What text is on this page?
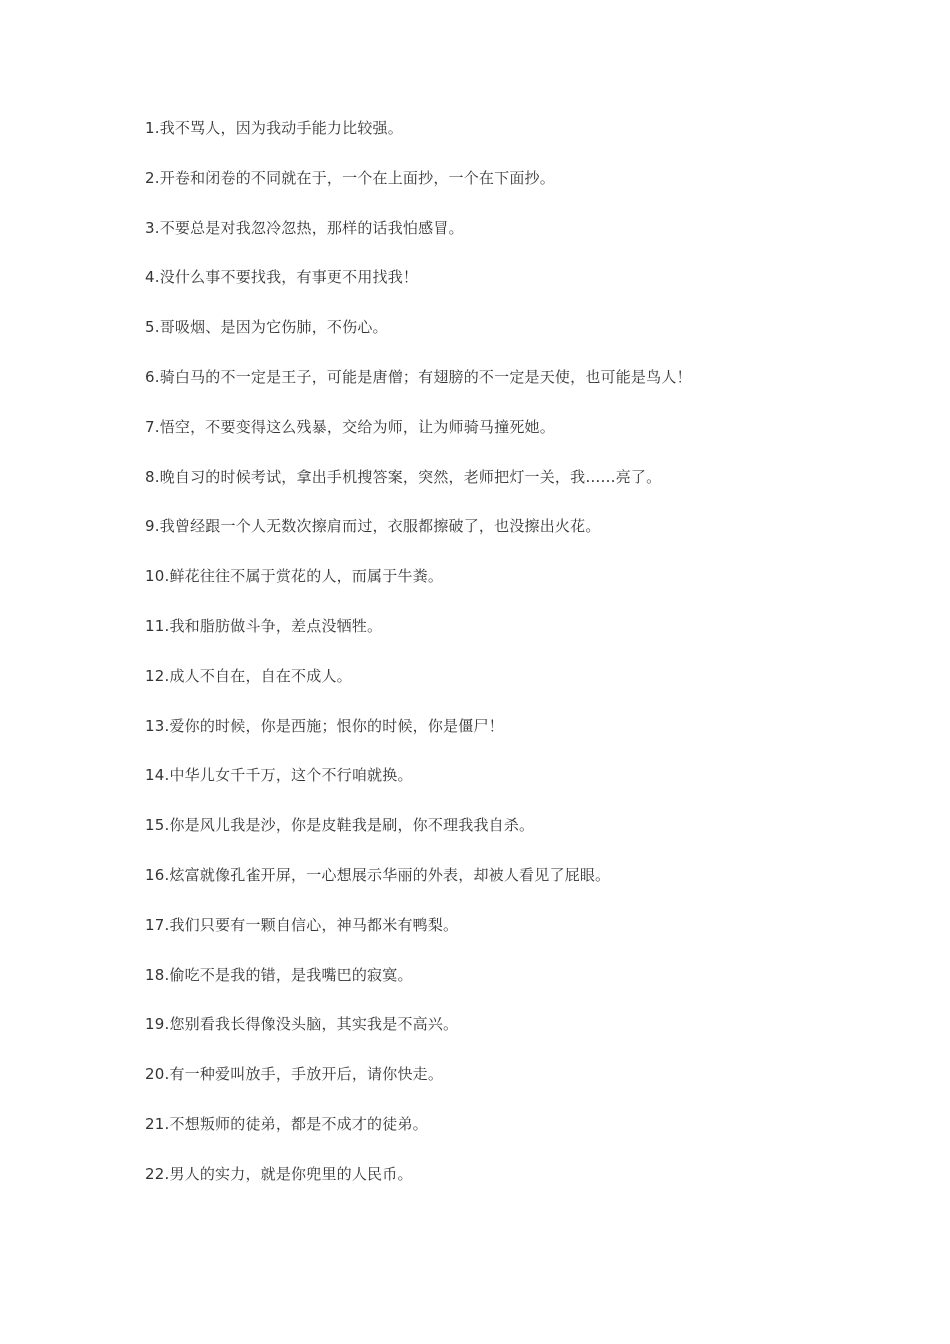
1.我不骂人，因为我动手能力比较强。
2.开卷和闭卷的不同就在于，一个在上面抄，一个在下面抄。
3.不要总是对我忽冷忽热，那样的话我怕感冒。
4.没什么事不要找我，有事更不用找我！
5.哥吸烟、是因为它伤肺，不伤心。
6.骑白马的不一定是王子，可能是唐僧；有翅膀的不一定是天使，也可能是鸟人！
7.悟空，不要变得这么残暴，交给为师，让为师骑马撞死她。
8.晚自习的时候考试，拿出手机搜答案，突然，老师把灯一关，我……亮了。
9.我曾经跟一个人无数次擦肩而过，衣服都擦破了，也没擦出火花。
10.鲜花往往不属于赏花的人，而属于牛粪。
11.我和脂肪做斗争，差点没牺牲。
12.成人不自在，自在不成人。
13.爱你的时候，你是西施；恨你的时候，你是僵尸！
14.中华儿女千千万，这个不行咱就换。
15.你是风儿我是沙，你是皮鞋我是刷，你不理我我自杀。
16.炫富就像孔雀开屏，一心想展示华丽的外表，却被人看见了屁眼。
17.我们只要有一颗自信心，神马都米有鸭梨。
18.偷吃不是我的错，是我嘴巴的寂寞。
19.您别看我长得像没头脑，其实我是不高兴。
20.有一种爱叫放手，手放开后，请你快走。
21.不想叛师的徒弟，都是不成才的徒弟。
22.男人的实力，就是你兜里的人民币。
